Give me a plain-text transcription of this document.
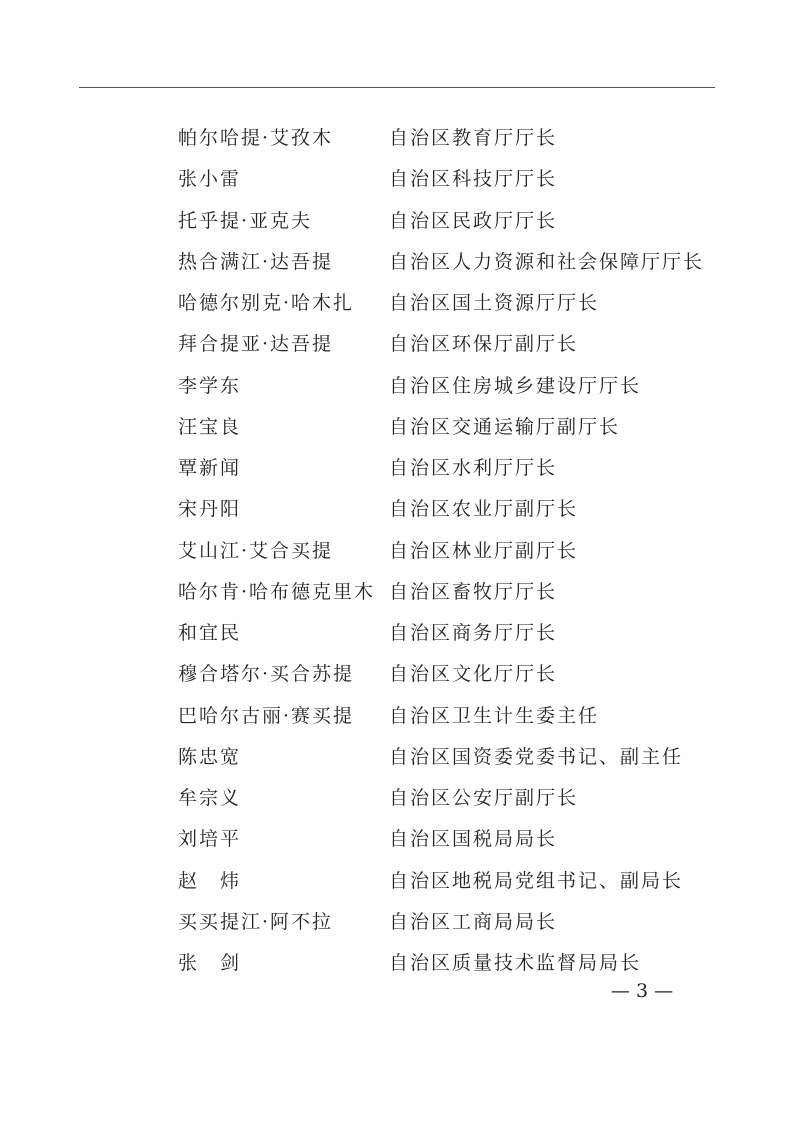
帕尔哈提·艾孜木	自治区教育厅厅长
张小雷	自治区科技厅厅长
托乎提·亚克夫	自治区民政厅厅长
热合满江·达吾提	自治区人力资源和社会保障厅厅长
哈德尔别克·哈木扎 自治区国土资源厅厅长
拜合提亚·达吾提	自治区环保厅副厅长
李学东	自治区住房城乡建设厅厅长
汪宝良	自治区交通运输厅副厅长
覃新闻	自治区水利厅厅长
宋丹阳	自治区农业厅副厅长
艾山江·艾合买提	自治区林业厅副厅长
哈尔肯·哈布德克里木 自治区畜牧厅厅长
和宜民	自治区商务厅厅长
穆合塔尔·买合苏提 自治区文化厅厅长
巴哈尔古丽·赛买提 自治区卫生计生委主任
陈忠宽	自治区国资委党委书记、副主任
牟宗义	自治区公安厅副厅长
刘培平	自治区国税局局长
赵　炜	自治区地税局党组书记、副局长
买买提江·阿不拉	自治区工商局局长
张　剑	自治区质量技术监督局局长
— 3 —
